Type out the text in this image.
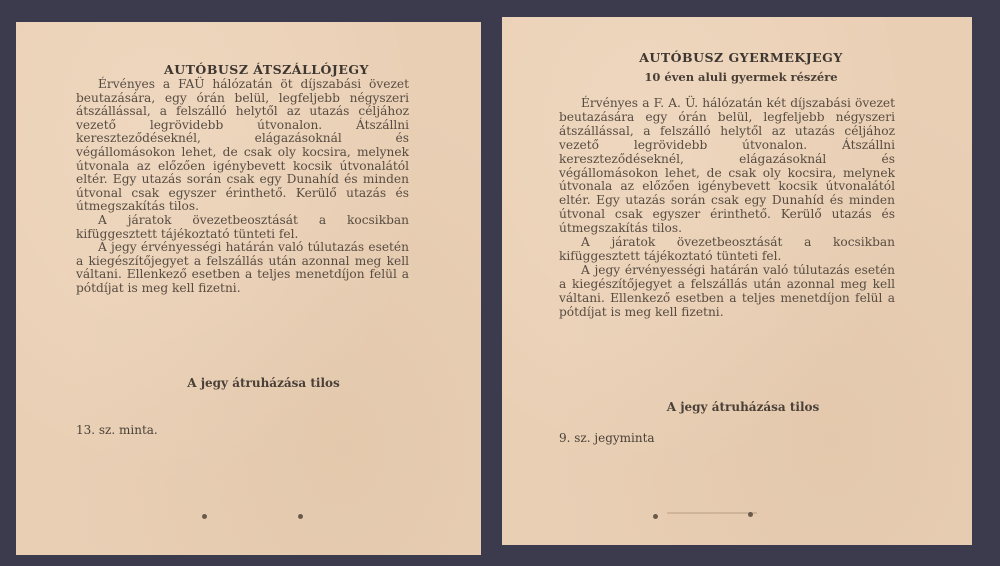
AUTÓBUSZ ÁTSZÁLLÓJEGY

Érvényes a FAÜ hálózatán öt díjszabási övezet beutazására, egy órán belül, legfeljebb négyszeri átszállással, a felszálló helytől az utazás céljához vezető legrövidebb útvonalon. Átszállni kereszteződéseknél, elágazásoknál és végállomásokon lehet, de csak oly kocsira, melynek útvonala az előzően igénybevett kocsik útvonalától eltér. Egy utazás során csak egy Dunahíd és minden útvonal csak egyszer érinthető. Kerülő utazás és útmegszakítás tilos.

A járatok övezetbeosztását a kocsikban kifüggesztett tájékoztató tünteti fel.

A jegy érvényességi határán való túlutazás esetén a kiegészítőjegyet a felszállás után azonnal meg kell váltani. Ellenkező esetben a teljes menetdíjon felül a pótdíjat is meg kell fizetni.

A jegy átruházása tilos
13. sz. minta.
AUTÓBUSZ GYERMEKJEGY
10 éven aluli gyermek részére

Érvényes a F. A. Ü. hálózatán két díjszabási övezet beutazására egy órán belül, legfeljebb négyszeri átszállással, a felszálló helytől az utazás céljához vezető legrövidebb útvonalon. Átszállni kereszteződéseknél, elágazásoknál és végállomásokon lehet, de csak oly kocsira, melynek útvonala az előzően igénybevett kocsik útvonalától eltér. Egy utazás során csak egy Dunahíd és minden útvonal csak egyszer érinthető. Kerülő utazás és útmegszakítás tilos.

A járatok övezetbeosztását a kocsikban kifüggesztett tájékoztató tünteti fel.

A jegy érvényességi határán való túlutazás esetén a kiegészítőjegyet a felszállás után azonnal meg kell váltani. Ellenkező esetben a teljes menetdíjon felül a pótdíjat is meg kell fizetni.

A jegy átruházása tilos
9. sz. jegyminta
